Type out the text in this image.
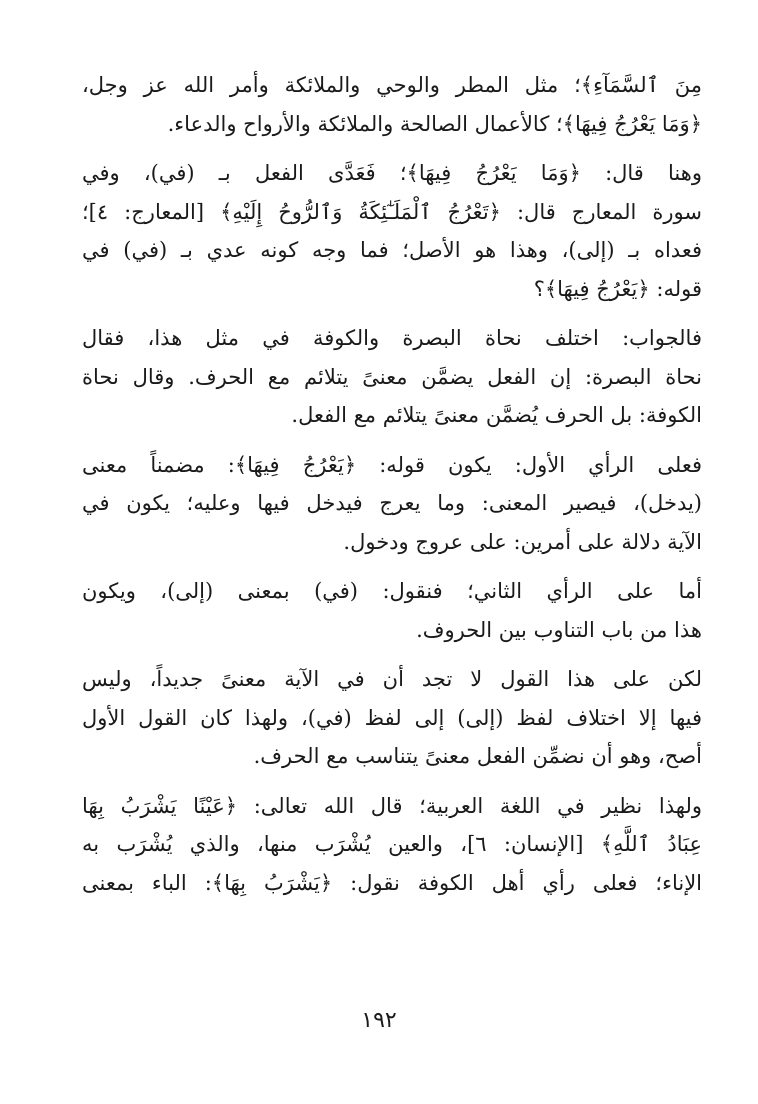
مِنَ ٱلسَّمَآءِ﴾؛ مثل المطر والوحي والملائكة وأمر الله عز وجل،
﴿وَمَا يَعْرُجُ فِيهَا﴾؛ كالأعمال الصالحة والملائكة والأرواح والدعاء.

وهنا قال: ﴿وَمَا يَعْرُجُ فِيهَا﴾؛ فَعَدَّى الفعل بـ (في)، وفي
سورة المعارج قال: ﴿تَعْرُجُ ٱلْمَلَـٰٓئِكَةُ وَٱلرُّوحُ إِلَيْهِ﴾ [المعارج: ٤]؛
فعداه بـ (إلى)، وهذا هو الأصل؛ فما وجه كونه عدي بـ (في) في
قوله: ﴿يَعْرُجُ فِيهَا﴾؟

فالجواب: اختلف نحاة البصرة والكوفة في مثل هذا، فقال
نحاة البصرة: إن الفعل يضمَّن معنىً يتلائم مع الحرف. وقال نحاة
الكوفة: بل الحرف يُضمَّن معنىً يتلائم مع الفعل.

فعلى الرأي الأول: يكون قوله: ﴿يَعْرُجُ فِيهَا﴾: مضمناً معنى
(يدخل)، فيصير المعنى: وما يعرج فيدخل فيها وعليه؛ يكون في
الآية دلالة على أمرين: على عروج ودخول.

أما على الرأي الثاني؛ فنقول: (في) بمعنى (إلى)، ويكون
هذا من باب التناوب بين الحروف.

لكن على هذا القول لا تجد أن في الآية معنىً جديداً، وليس
فيها إلا اختلاف لفظ (إلى) إلى لفظ (في)، ولهذا كان القول الأول
أصح، وهو أن نضمِّن الفعل معنىً يتناسب مع الحرف.

ولهذا نظير في اللغة العربية؛ قال الله تعالى: ﴿عَيْنًا يَشْرَبُ بِهَا
عِبَادُ ٱللَّهِ﴾ [الإنسان: ٦]، والعين يُشْرَب منها، والذي يُشْرَب به
الإناء؛ فعلى رأي أهل الكوفة نقول: ﴿يَشْرَبُ بِهَا﴾: الباء بمعنى

١٩٢
